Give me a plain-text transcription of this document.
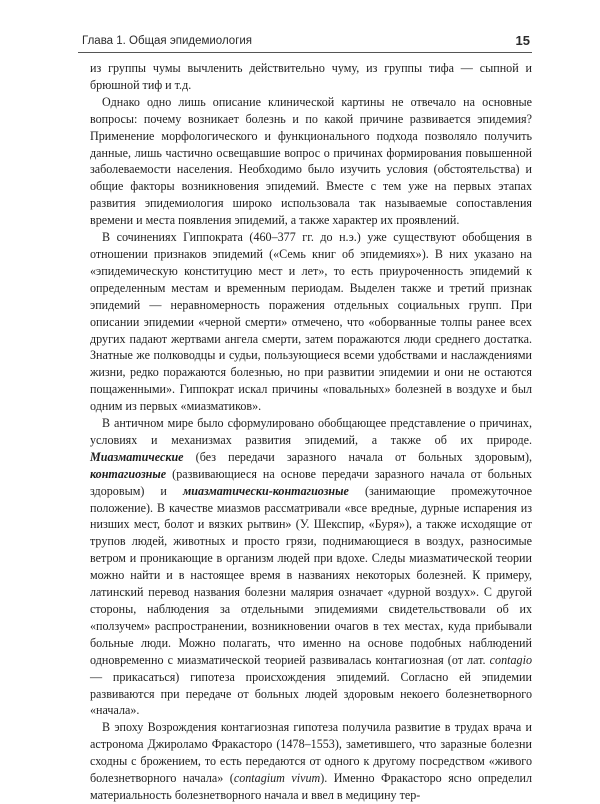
Глава 1. Общая эпидемиология	15

из группы чумы вычленить действительно чуму, из группы тифа — сыпной и брюшной тиф и т.д.

Однако одно лишь описание клинической картины не отвечало на основные вопросы: почему возникает болезнь и по какой причине развивается эпидемия? Применение морфологического и функционального подхода позволяло получить данные, лишь частично освещавшие вопрос о причинах формирования повышенной заболеваемости населения. Необходимо было изучить условия (обстоятельства) и общие факторы возникновения эпидемий. Вместе с тем уже на первых этапах развития эпидемиология широко использовала так называемые сопоставления времени и места появления эпидемий, а также характер их проявлений.

В сочинениях Гиппократа (460–377 гг. до н.э.) уже существуют обобщения в отношении признаков эпидемий («Семь книг об эпидемиях»). В них указано на «эпидемическую конституцию мест и лет», то есть приуроченность эпидемий к определенным местам и временным периодам. Выделен также и третий признак эпидемий — неравномерность поражения отдельных социальных групп. При описании эпидемии «черной смерти» отмечено, что «оборванные толпы ранее всех других падают жертвами ангела смерти, затем поражаются люди среднего достатка. Знатные же полководцы и судьи, пользующиеся всеми удобствами и наслаждениями жизни, редко поражаются болезнью, но при развитии эпидемии и они не остаются пощаженными». Гиппократ искал причины «повальных» болезней в воздухе и был одним из первых «миазматиков».

В античном мире было сформулировано обобщающее представление о причинах, условиях и механизмах развития эпидемий, а также об их природе. Миазматические (без передачи заразного начала от больных здоровым), контагиозные (развивающиеся на основе передачи заразного начала от больных здоровым) и миазматически-контагиозные (занимающие промежуточное положение). В качестве миазмов рассматривали «все вредные, дурные испарения из низших мест, болот и вязких рытвин» (У. Шекспир, «Буря»), а также исходящие от трупов людей, животных и просто грязи, поднимающиеся в воздух, разносимые ветром и проникающие в организм людей при вдохе. Следы миазматической теории можно найти и в настоящее время в названиях некоторых болезней. К примеру, латинский перевод названия болезни малярия означает «дурной воздух». С другой стороны, наблюдения за отдельными эпидемиями свидетельствовали об их «ползучем» распространении, возникновении очагов в тех местах, куда прибывали больные люди. Можно полагать, что именно на основе подобных наблюдений одновременно с миазматической теорией развивалась контагиозная (от лат. contagio — прикасаться) гипотеза происхождения эпидемий. Согласно ей эпидемии развиваются при передаче от больных людей здоровым некоего болезнетворного «начала».

В эпоху Возрождения контагиозная гипотеза получила развитие в трудах врача и астронома Джироламо Фракасторо (1478–1553), заметившего, что заразные болезни сходны с брожением, то есть передаются от одного к другому посредством «живого болезнетворного начала» (contagium vivum). Именно Фракасторо ясно определил материальность болезнетворного начала и ввел в медицину тер-
